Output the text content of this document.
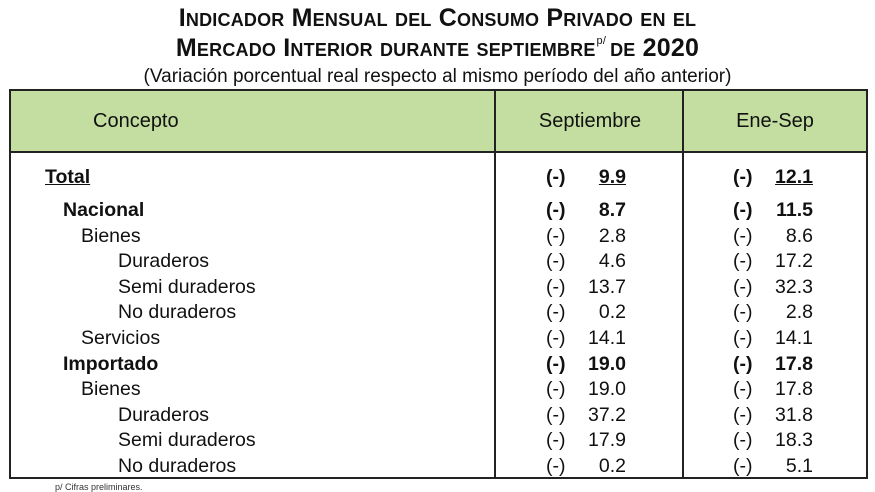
Indicador Mensual del Consumo Privado en el
Mercado Interior durante septiembre$^{p/}$ de 2020
(Variación porcentual real respecto al mismo período del año anterior)
Concepto	Septiembre	Ene-Sep
Total	(-)	9.9	(-)	12.1
Nacional	(-)	8.7	(-)	11.5
Bienes	(-)	2.8	(-)	8.6
Duraderos	(-)	4.6	(-)	17.2
Semi duraderos	(-)	13.7	(-)	32.3
No duraderos	(-)	0.2	(-)	2.8
Servicios	(-)	14.1	(-)	14.1
Importado	(-)	19.0	(-)	17.8
Bienes	(-)	19.0	(-)	17.8
Duraderos	(-)	37.2	(-)	31.8
Semi duraderos	(-)	17.9	(-)	18.3
No duraderos	(-)	0.2	(-)	5.1
p/ Cifras preliminares.
